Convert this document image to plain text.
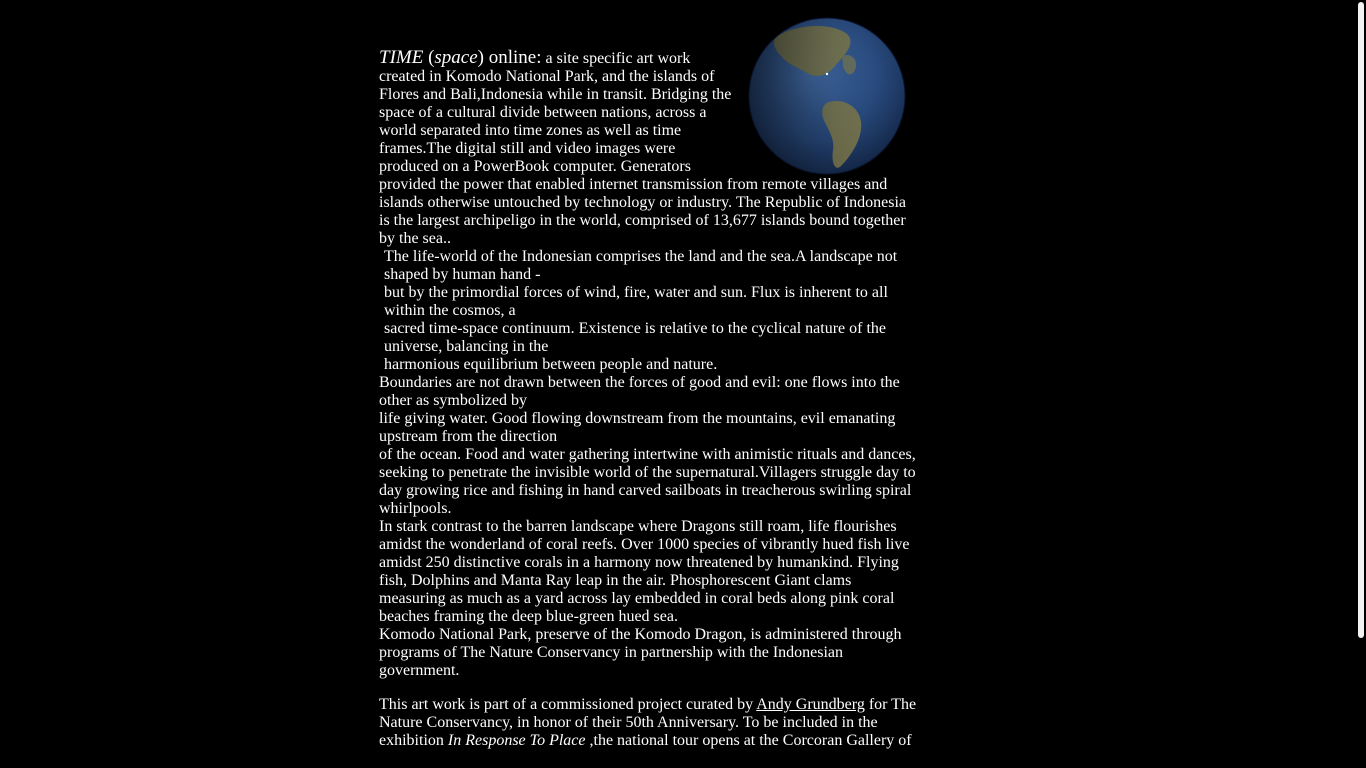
TIME (space) online: a site specific art work created in Komodo National Park, and the islands of Flores and Bali,Indonesia while in transit. Bridging the space of a cultural divide between nations, across a world separated into time zones as well as time frames.The digital still and video images were produced on a PowerBook computer. Generators provided the power that enabled internet transmission from remote villages and islands otherwise untouched by technology or industry. The Republic of Indonesia is the largest archipeligo in the world, comprised of 13,677 islands bound together by the sea..

The life-world of the Indonesian comprises the land and the sea.A landscape not shaped by human hand -

but by the primordial forces of wind, fire, water and sun. Flux is inherent to all within the cosmos, a

sacred time-space continuum. Existence is relative to the cyclical nature of the universe, balancing in the

harmonious equilibrium between people and nature.

Boundaries are not drawn between the forces of good and evil: one flows into the other as symbolized by

life giving water. Good flowing downstream from the mountains, evil emanating upstream from the direction

of the ocean. Food and water gathering intertwine with animistic rituals and dances, seeking to penetrate the invisible world of the supernatural.Villagers struggle day to day growing rice and fishing in hand carved sailboats in treacherous swirling spiral whirlpools.

In stark contrast to the barren landscape where Dragons still roam, life flourishes amidst the wonderland of coral reefs. Over 1000 species of vibrantly hued fish live amidst 250 distinctive corals in a harmony now threatened by humankind. Flying fish, Dolphins and Manta Ray leap in the air. Phosphorescent Giant clams measuring as much as a yard across lay embedded in coral beds along pink coral beaches framing the deep blue-green hued sea.

Komodo National Park, preserve of the Komodo Dragon, is administered through programs of The Nature Conservancy in partnership with the Indonesian government.

This art work is part of a commissioned project curated by Andy Grundberg for The Nature Conservancy, in honor of their 50th Anniversary. To be included in the exhibition In Response To Place ,the national tour opens at the Corcoran Gallery of
